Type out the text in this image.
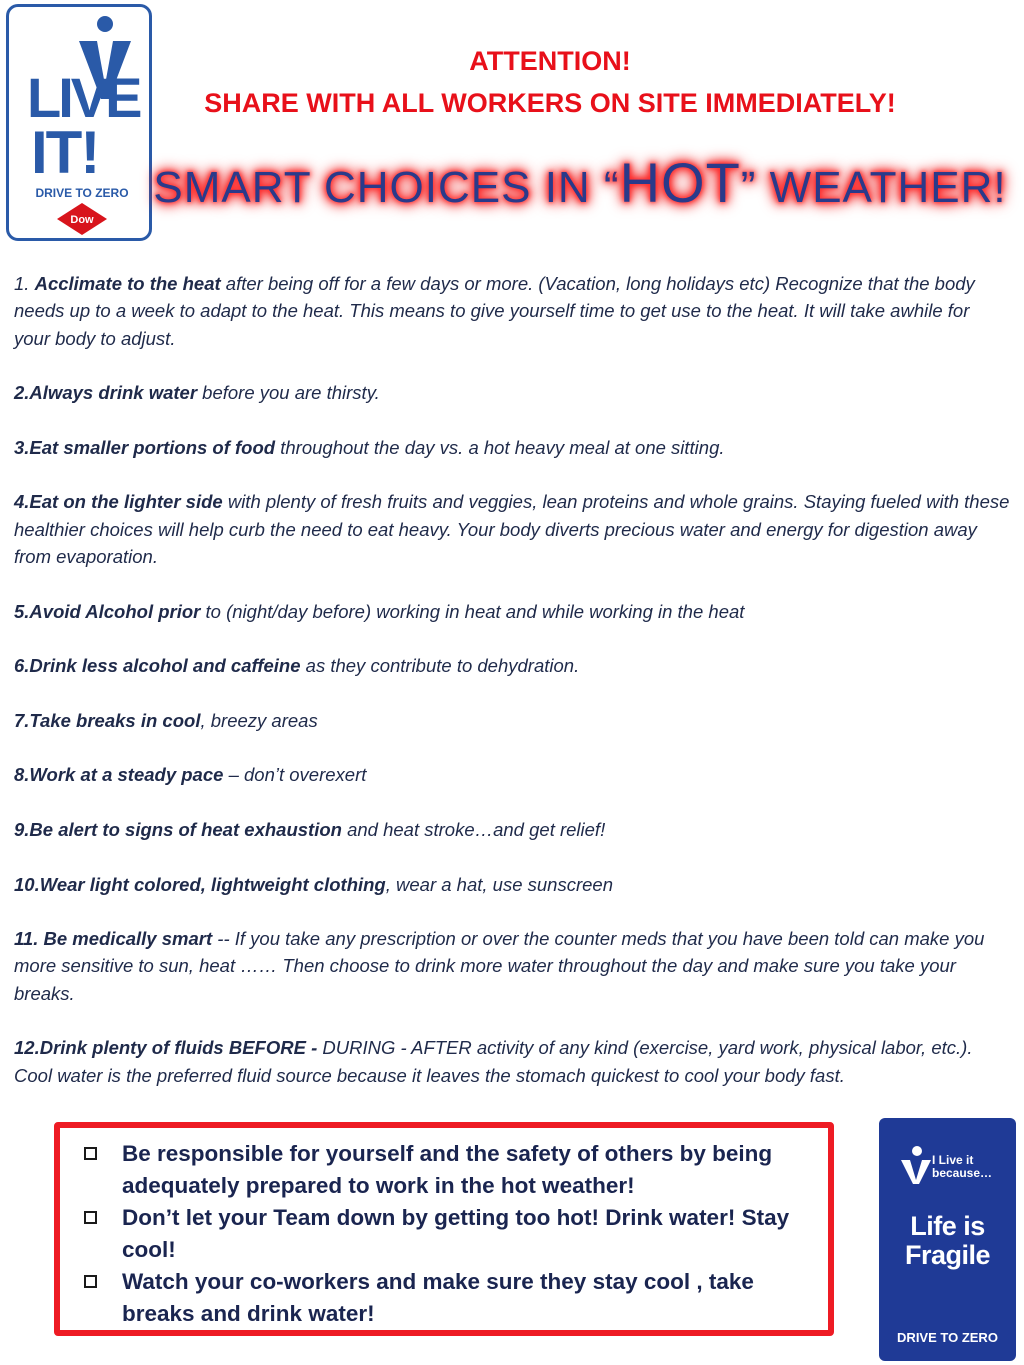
LIVE
IT!
DRIVE TO ZERO
Dow
ATTENTION!
SHARE WITH ALL WORKERS ON SITE IMMEDIATELY!
SMART CHOICES IN “HOT” WEATHER!
1. Acclimate to the heat after being off for a few days or more. (Vacation, long holidays etc) Recognize that the body needs up to a week to adapt to the heat. This means to give yourself time to get use to the heat. It will take awhile for your body to adjust.
2.Always drink water before you are thirsty.
3.Eat smaller portions of food throughout the day vs. a hot heavy meal at one sitting.
4.Eat on the lighter side with plenty of fresh fruits and veggies, lean proteins and whole grains. Staying fueled with these healthier choices will help curb the need to eat heavy. Your body diverts precious water and energy for digestion away from evaporation.
5.Avoid Alcohol prior to (night/day before) working in heat and while working in the heat
6.Drink less alcohol and caffeine as they contribute to dehydration.
7.Take breaks in cool, breezy areas
8.Work at a steady pace – don’t overexert
9.Be alert to signs of heat exhaustion and heat stroke…and get relief!
10.Wear light colored, lightweight clothing, wear a hat, use sunscreen
11. Be medically smart -- If you take any prescription or over the counter meds that you have been told can make you more sensitive to sun, heat …… Then choose to drink more water throughout the day and make sure you take your breaks.
12.Drink plenty of fluids BEFORE - DURING - AFTER activity of any kind (exercise, yard work, physical labor, etc.). Cool water is the preferred fluid source because it leaves the stomach quickest to cool your body fast.
Be responsible for yourself and the safety of others by being adequately prepared to work in the hot weather!
Don’t let your Team down by getting too hot! Drink water! Stay cool!
Watch your co-workers and make sure they stay cool , take breaks and drink water!
I Live it
because…
Life is
Fragile
DRIVE TO ZERO
